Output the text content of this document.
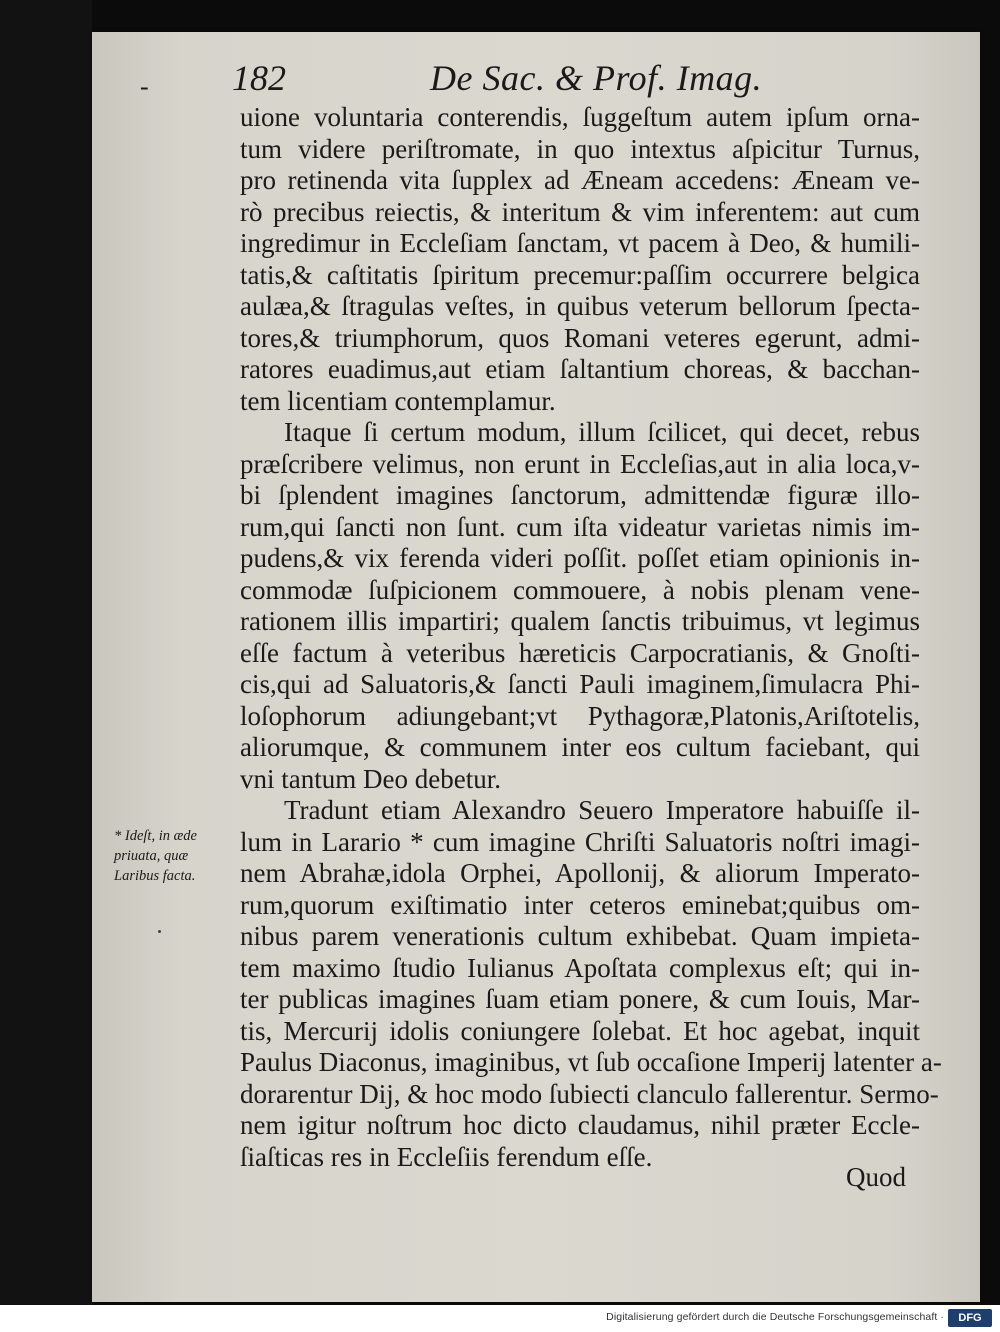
- 182	De Sac. & Prof. Imag.
uione voluntaria conterendis, ſuggeſtum autem ipſum orna-
tum videre periſtromate, in quo intextus aſpicitur Turnus,
pro retinenda vita ſupplex ad Æneam accedens: Æneam ve-
rò precibus reiectis, & interitum & vim inferentem: aut cum
ingredimur in Eccleſiam ſanctam, vt pacem à Deo, & humili-
tatis,& caſtitatis ſpiritum precemur:paſſim occurrere belgica
aulæa,& ſtragulas veſtes, in quibus veterum bellorum ſpecta-
tores,& triumphorum, quos Romani veteres egerunt, admi-
ratores euadimus,aut etiam ſaltantium choreas, & bacchan-
tem licentiam contemplamur.
Itaque ſi certum modum, illum ſcilicet, qui decet, rebus
præſcribere velimus, non erunt in Eccleſias,aut in alia loca,v-
bi ſplendent imagines ſanctorum, admittendæ figuræ illo-
rum,qui ſancti non ſunt. cum iſta videatur varietas nimis im-
pudens,& vix ferenda videri poſſit. poſſet etiam opinionis in-
commodæ ſuſpicionem commouere, à nobis plenam vene-
rationem illis impartiri; qualem ſanctis tribuimus, vt legimus
eſſe factum à veteribus hæreticis Carpocratianis, & Gnoſti-
cis,qui ad Saluatoris,& ſancti Pauli imaginem,ſimulacra Phi-
loſophorum adiungebant;vt Pythagoræ,Platonis,Ariſtotelis,
aliorumque, & communem inter eos cultum faciebant, qui
vni tantum Deo debetur.
Tradunt etiam Alexandro Seuero Imperatore habuiſſe il-
lum in Larario * cum imagine Chriſti Saluatoris noſtri imagi-
nem Abrahæ,idola Orphei, Apollonij, & aliorum Imperato-
rum,quorum exiſtimatio inter ceteros eminebat;quibus om-
nibus parem venerationis cultum exhibebat. Quam impieta-
tem maximo ſtudio Iulianus Apoſtata complexus eſt; qui in-
ter publicas imagines ſuam etiam ponere, & cum Iouis, Mar-
tis, Mercurij idolis coniungere ſolebat. Et hoc agebat, inquit
Paulus Diaconus, imaginibus, vt ſub occaſione Imperij latenter a-
dorarentur Dij, & hoc modo ſubiecti clanculo fallerentur. Sermo-
nem igitur noſtrum hoc dicto claudamus, nihil præter Eccle-
ſiaſticas res in Eccleſiis ferendum eſſe.
* Ideſt, in æde
priuata, quæ
Laribus facta.
Quod
Digitalisierung gefördert durch die Deutsche Forschungsgemeinschaft ·	DFG
